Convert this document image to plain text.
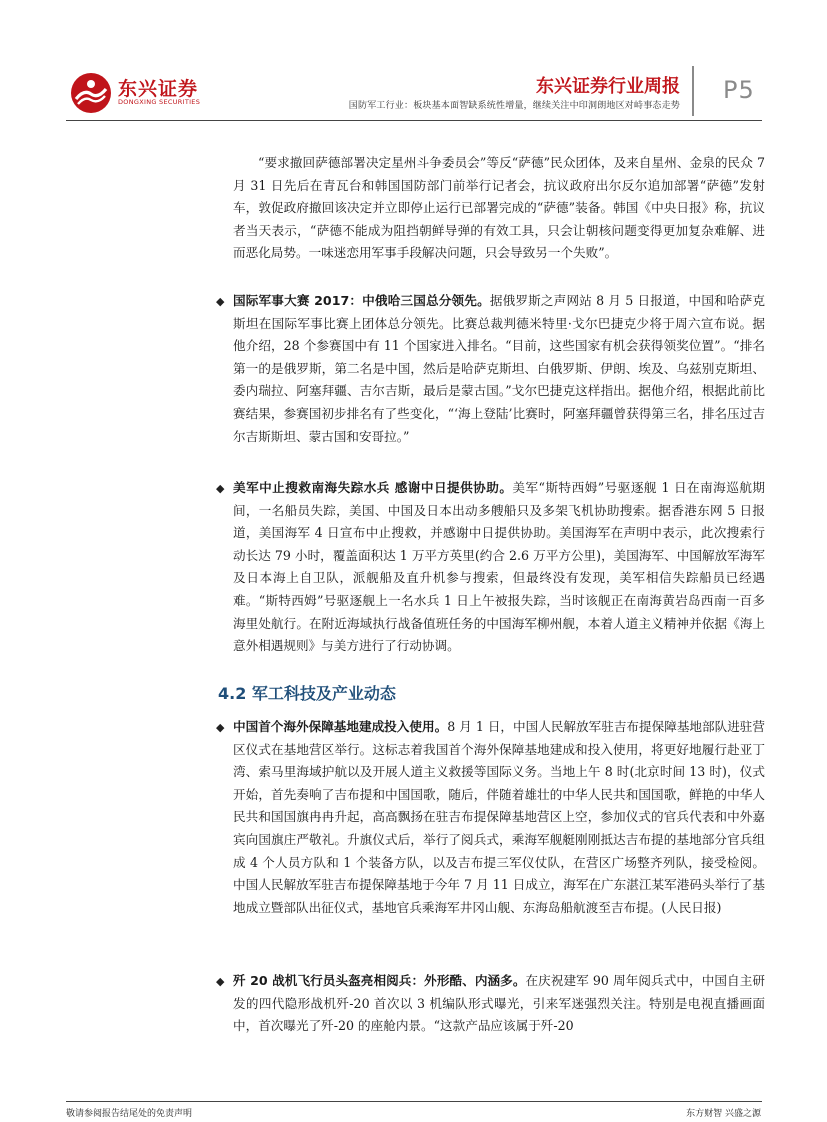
东兴证券
DONGXING SECURITIES
东兴证券行业周报
国防军工行业：板块基本面智缺系统性增量，继续关注中印洞朗地区对峙事态走势
P5
“要求撤回萨德部署决定星州斗争委员会”等反“萨德”民众团体，及来自星州、金泉的民众 7 月 31 日先后在青瓦台和韩国国防部门前举行记者会，抗议政府出尔反尔追加部署“萨德”发射车，敦促政府撤回该决定并立即停止运行已部署完成的“萨德”装备。韩国《中央日报》称，抗议者当天表示，“萨德不能成为阻挡朝鲜导弹的有效工具，只会让朝核问题变得更加复杂难解、进而恶化局势。一味迷恋用军事手段解决问题，只会导致另一个失败”。
◆ 国际军事大赛 2017：中俄哈三国总分领先。据俄罗斯之声网站 8 月 5 日报道，中国和哈萨克斯坦在国际军事比赛上团体总分领先。比赛总裁判德米特里·戈尔巴捷克少将于周六宣布说。据他介绍，28 个参赛国中有 11 个国家进入排名。“目前，这些国家有机会获得领奖位置”。“排名第一的是俄罗斯，第二名是中国，然后是哈萨克斯坦、白俄罗斯、伊朗、埃及、乌兹别克斯坦、委内瑞拉、阿塞拜疆、吉尔吉斯，最后是蒙古国。”戈尔巴捷克这样指出。据他介绍，根据此前比赛结果，参赛国初步排名有了些变化，“‘海上登陆’比赛时，阿塞拜疆曾获得第三名，排名压过吉尔吉斯斯坦、蒙古国和安哥拉。”
◆ 美军中止搜救南海失踪水兵 感谢中日提供协助。美军“斯特西姆”号驱逐舰 1 日在南海巡航期间，一名船员失踪，美国、中国及日本出动多艘船只及多架飞机协助搜索。据香港东网 5 日报道，美国海军 4 日宣布中止搜救，并感谢中日提供协助。美国海军在声明中表示，此次搜索行动长达 79 小时，覆盖面积达 1 万平方英里(约合 2.6 万平方公里)，美国海军、中国解放军海军及日本海上自卫队，派舰船及直升机参与搜索，但最终没有发现，美军相信失踪船员已经遇难。“斯特西姆”号驱逐舰上一名水兵 1 日上午被报失踪，当时该舰正在南海黄岩岛西南一百多海里处航行。在附近海域执行战备值班任务的中国海军柳州舰，本着人道主义精神并依据《海上意外相遇规则》与美方进行了行动协调。
4.2 军工科技及产业动态
◆ 中国首个海外保障基地建成投入使用。8 月 1 日，中国人民解放军驻吉布提保障基地部队进驻营区仪式在基地营区举行。这标志着我国首个海外保障基地建成和投入使用，将更好地履行赴亚丁湾、索马里海域护航以及开展人道主义救援等国际义务。当地上午 8 时(北京时间 13 时)，仪式开始，首先奏响了吉布提和中国国歌，随后，伴随着雄壮的中华人民共和国国歌，鲜艳的中华人民共和国国旗冉冉升起，高高飘扬在驻吉布提保障基地营区上空，参加仪式的官兵代表和中外嘉宾向国旗庄严敬礼。升旗仪式后，举行了阅兵式，乘海军舰艇刚刚抵达吉布提的基地部分官兵组成 4 个人员方队和 1 个装备方队，以及吉布提三军仪仗队，在营区广场整齐列队，接受检阅。中国人民解放军驻吉布提保障基地于今年 7 月 11 日成立，海军在广东湛江某军港码头举行了基地成立暨部队出征仪式，基地官兵乘海军井冈山舰、东海岛船航渡至吉布提。(人民日报)
◆ 歼 20 战机飞行员头盔亮相阅兵：外形酷、内涵多。在庆祝建军 90 周年阅兵式中，中国自主研发的四代隐形战机歼-20 首次以 3 机编队形式曝光，引来军迷强烈关注。特别是电视直播画面中，首次曝光了歼-20 的座舱内景。“这款产品应该属于歼-20
敬请参阅报告结尾处的免责声明	东方财智 兴盛之源
